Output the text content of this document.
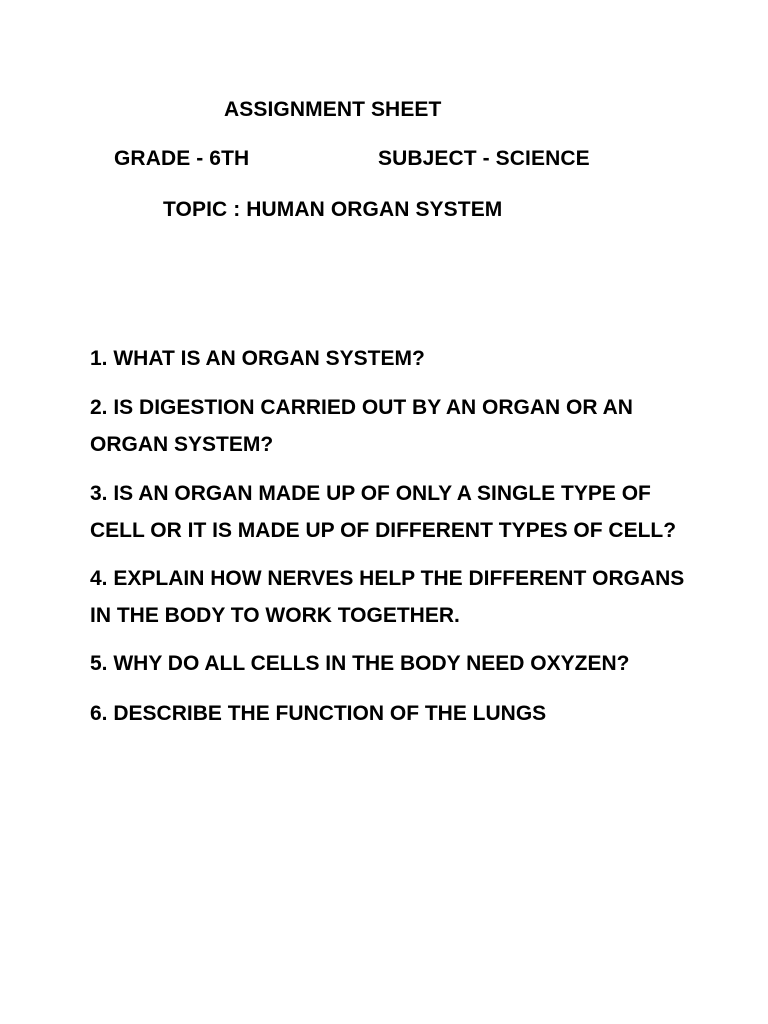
ASSIGNMENT SHEET
GRADE - 6TH	SUBJECT - SCIENCE
TOPIC : HUMAN ORGAN SYSTEM
1. WHAT IS AN ORGAN SYSTEM?
2. IS DIGESTION CARRIED OUT BY AN ORGAN OR AN ORGAN SYSTEM?
3. IS AN ORGAN MADE UP OF ONLY A SINGLE TYPE OF CELL OR IT IS MADE UP OF DIFFERENT TYPES OF CELL?
4. EXPLAIN HOW NERVES HELP THE DIFFERENT ORGANS IN THE BODY TO WORK TOGETHER.
5. WHY DO ALL CELLS IN THE BODY NEED OXYZEN?
6. DESCRIBE THE FUNCTION OF THE LUNGS
